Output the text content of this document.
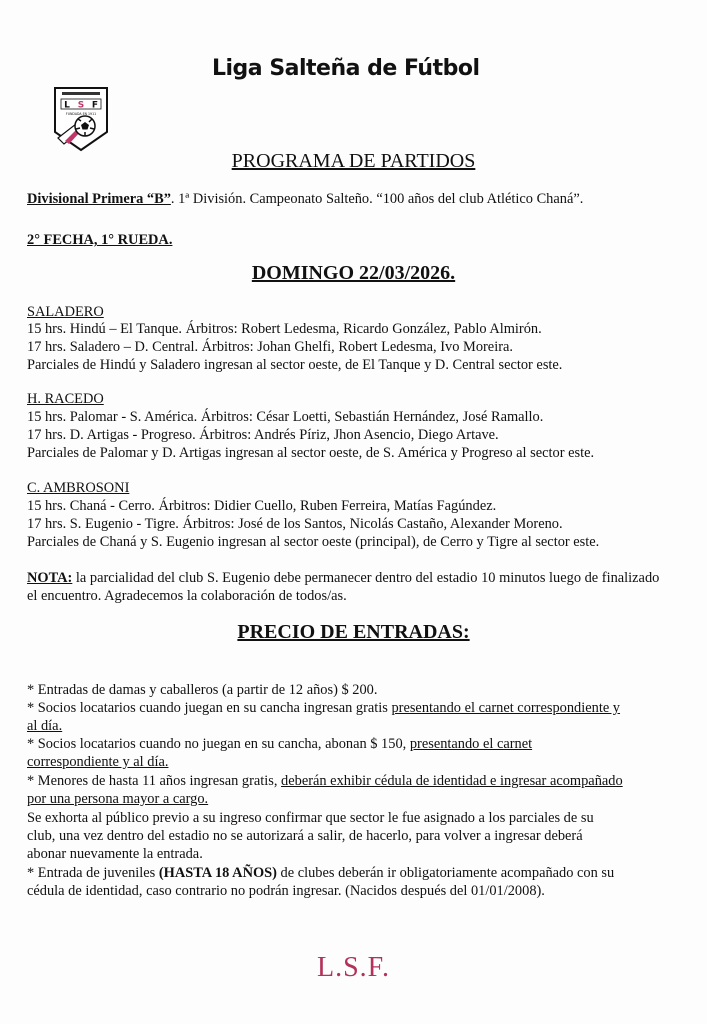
L S F
FUNDADA EN 1911
Liga Salteña de Fútbol
PROGRAMA DE PARTIDOS
Divisional Primera “B”. 1ª División. Campeonato Salteño. “100 años del club Atlético Chaná”.
2° FECHA, 1° RUEDA.
DOMINGO 22/03/2026.
SALADERO
15 hrs. Hindú – El Tanque. Árbitros: Robert Ledesma, Ricardo González, Pablo Almirón.
17 hrs. Saladero – D. Central. Árbitros: Johan Ghelfi, Robert Ledesma, Ivo Moreira.
Parciales de Hindú y Saladero ingresan al sector oeste, de El Tanque y D. Central sector este.
H. RACEDO
15 hrs. Palomar - S. América. Árbitros: César Loetti, Sebastián Hernández, José Ramallo.
17 hrs. D. Artigas - Progreso. Árbitros: Andrés Píriz, Jhon Asencio, Diego Artave.
Parciales de Palomar y D. Artigas ingresan al sector oeste, de S. América y Progreso al sector este.
C. AMBROSONI
15 hrs. Chaná - Cerro. Árbitros: Didier Cuello, Ruben Ferreira, Matías Fagúndez.
17 hrs. S. Eugenio - Tigre. Árbitros: José de los Santos, Nicolás Castaño, Alexander Moreno.
Parciales de Chaná y S. Eugenio ingresan al sector oeste (principal), de Cerro y Tigre al sector este.
NOTA: la parcialidad del club S. Eugenio debe permanecer dentro del estadio 10 minutos luego de finalizado
el encuentro. Agradecemos la colaboración de todos/as.
PRECIO DE ENTRADAS:
* Entradas de damas y caballeros (a partir de 12 años) $ 200.
* Socios locatarios cuando juegan en su cancha ingresan gratis presentando el carnet correspondiente y
al día.
* Socios locatarios cuando no juegan en su cancha, abonan $ 150, presentando el carnet
correspondiente y al día.
* Menores de hasta 11 años ingresan gratis, deberán exhibir cédula de identidad e ingresar acompañado
por una persona mayor a cargo.
Se exhorta al público previo a su ingreso confirmar que sector le fue asignado a los parciales de su
club, una vez dentro del estadio no se autorizará a salir, de hacerlo, para volver a ingresar deberá
abonar nuevamente la entrada.
* Entrada de juveniles (HASTA 18 AÑOS) de clubes deberán ir obligatoriamente acompañado con su
cédula de identidad, caso contrario no podrán ingresar. (Nacidos después del 01/01/2008).
L.S.F.
